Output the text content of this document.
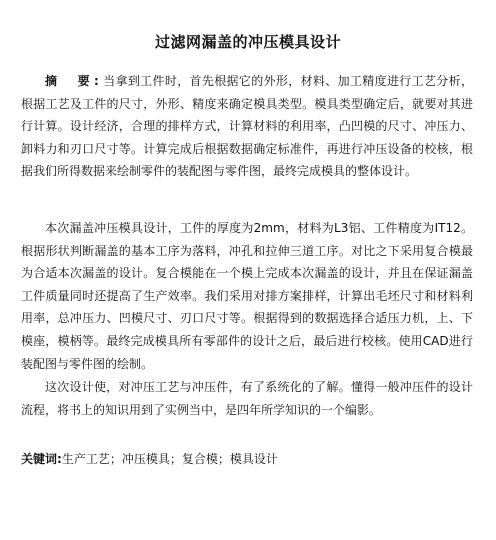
过滤网漏盖的冲压模具设计

摘　要:当拿到工件时，首先根据它的外形，材料、加工精度进行工艺分析，根据工艺及工件的尺寸，外形、精度来确定模具类型。模具类型确定后，就要对其进行计算。设计经济，合理的排样方式，计算材料的利用率，凸凹模的尺寸、冲压力、卸料力和刃口尺寸等。计算完成后根据数据确定标准件，再进行冲压设备的校核，根据我们所得数据来绘制零件的装配图与零件图，最终完成模具的整体设计。

本次漏盖冲压模具设计，工件的厚度为2mm，材料为L3铝、工件精度为IT12。根据形状判断漏盖的基本工序为落料，冲孔和拉伸三道工序。对比之下采用复合模最为合适本次漏盖的设计。复合模能在一个模上完成本次漏盖的设计，并且在保证漏盖工件质量同时还提高了生产效率。我们采用对排方案排样，计算出毛坯尺寸和材料利用率，总冲压力、凹模尺寸、刃口尺寸等。根据得到的数据选择合适压力机，上、下模座，模柄等。最终完成模具所有零部件的设计之后，最后进行校核。使用CAD进行装配图与零件图的绘制。

这次设计使，对冲压工艺与冲压件，有了系统化的了解。懂得一般冲压件的设计流程，将书上的知识用到了实例当中，是四年所学知识的一个编影。

关键词:生产工艺；冲压模具；复合模；模具设计
